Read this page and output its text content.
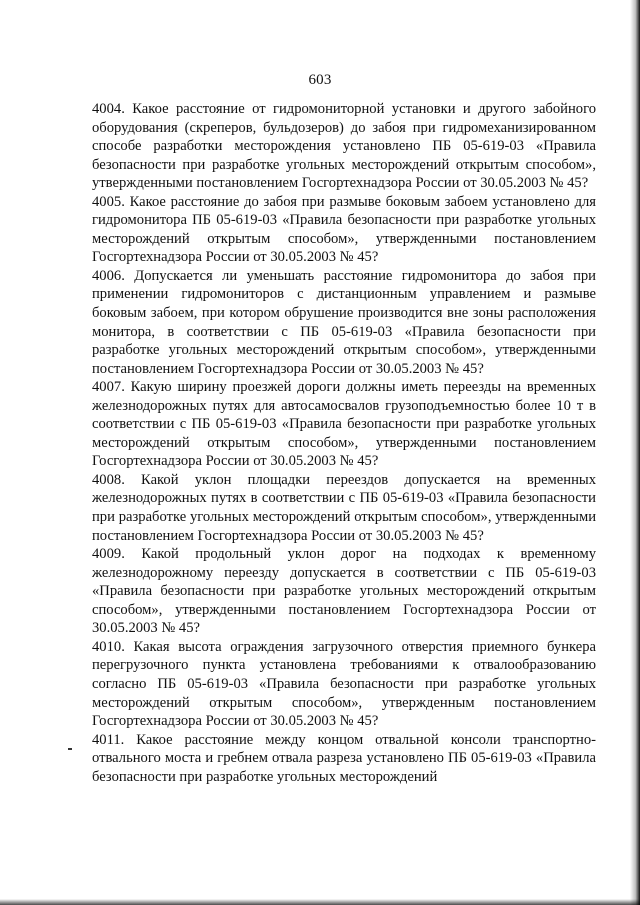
603

4004. Какое расстояние от гидромониторной установки и другого забойного оборудования (скреперов, бульдозеров) до забоя при гидромеханизированном способе разработки месторождения установлено ПБ 05-619-03 «Правила безопасности при разработке угольных месторождений открытым способом», утвержденными постановлением Госгортехнадзора России от 30.05.2003 № 45?

4005. Какое расстояние до забоя при размыве боковым забоем установлено для гидромонитора ПБ 05-619-03 «Правила безопасности при разработке угольных месторождений открытым способом», утвержденными постановлением Госгортехнадзора России от 30.05.2003 № 45?

4006. Допускается ли уменьшать расстояние гидромонитора до забоя при применении гидромониторов с дистанционным управлением и размыве боковым забоем, при котором обрушение производится вне зоны расположения монитора, в соответствии с ПБ 05-619-03 «Правила безопасности при разработке угольных месторождений открытым способом», утвержденными постановлением Госгортехнадзора России от 30.05.2003 № 45?

4007. Какую ширину проезжей дороги должны иметь переезды на временных железнодорожных путях для автосамосвалов грузоподъемностью более 10 т в соответствии с ПБ 05-619-03 «Правила безопасности при разработке угольных месторождений открытым способом», утвержденными постановлением Госгортехнадзора России от 30.05.2003 № 45?

4008. Какой уклон площадки переездов допускается на временных железнодорожных путях в соответствии с ПБ 05-619-03 «Правила безопасности при разработке угольных месторождений открытым способом», утвержденными постановлением Госгортехнадзора России от 30.05.2003 № 45?

4009. Какой продольный уклон дорог на подходах к временному железнодорожному переезду допускается в соответствии с ПБ 05-619-03 «Правила безопасности при разработке угольных месторождений открытым способом», утвержденными постановлением Госгортехнадзора России от 30.05.2003 № 45?

4010. Какая высота ограждения загрузочного отверстия приемного бункера перегрузочного пункта установлена требованиями к отвалообразованию согласно ПБ 05-619-03 «Правила безопасности при разработке угольных месторождений открытым способом», утвержденным постановлением Госгортехнадзора России от 30.05.2003 № 45?

4011. Какое расстояние между концом отвальной консоли транспортно-отвального моста и гребнем отвала разреза установлено ПБ 05-619-03 «Правила безопасности при разработке угольных месторождений
